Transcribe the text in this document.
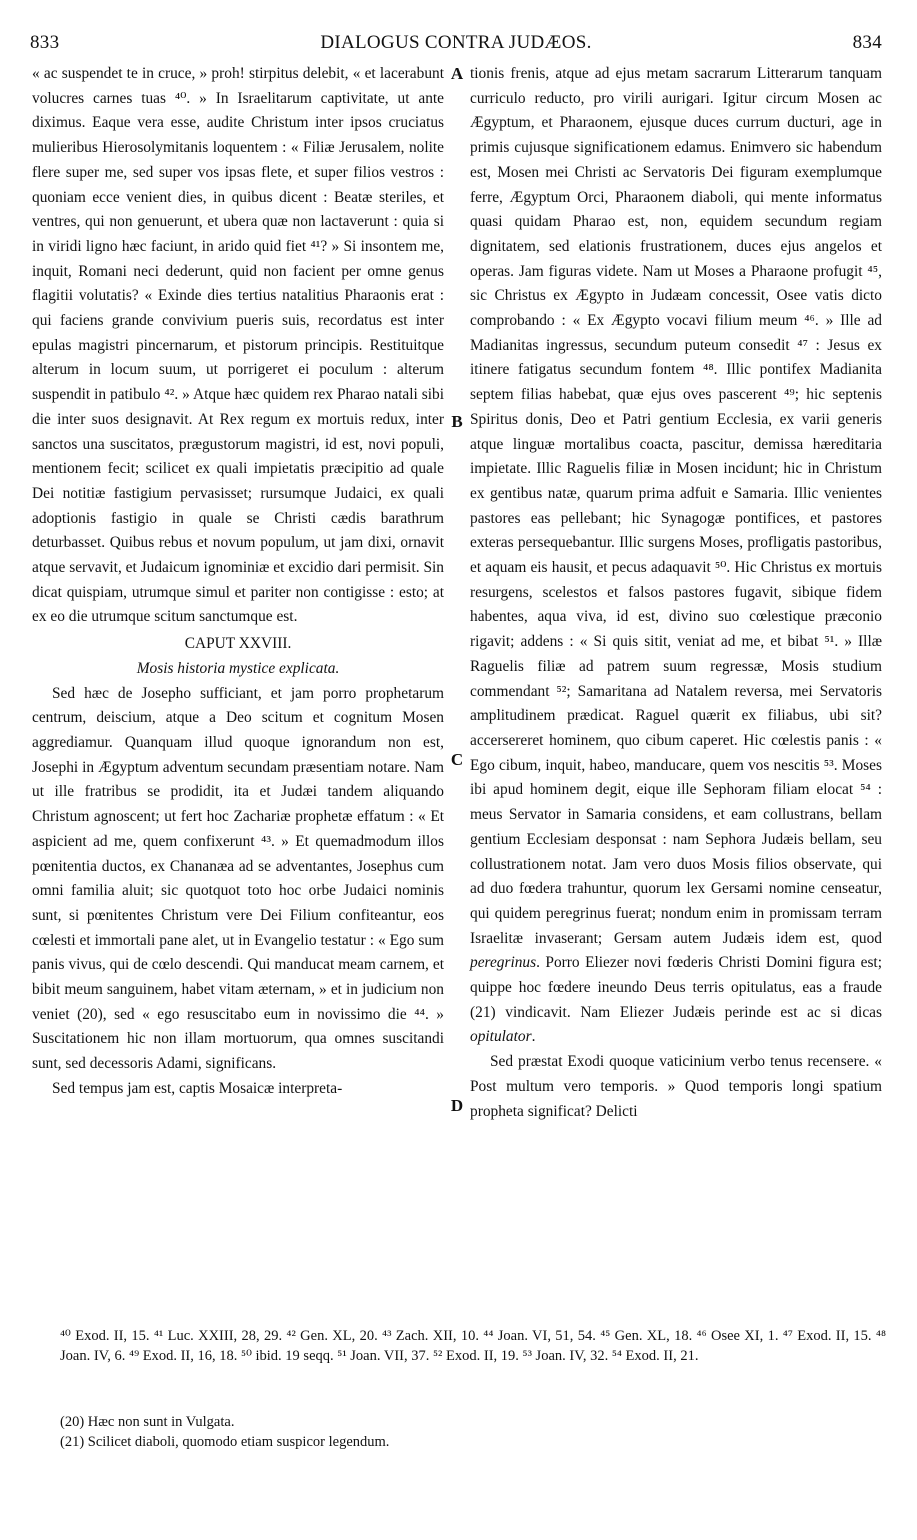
833	DIALOGUS CONTRA JUDÆOS.	834

« ac suspendet te in cruce, » proh! stirpitus delebit, « et lacerabunt volucres carnes tuas ⁴⁰. » In Israelitarum captivitate, ut ante diximus. Eaque vera esse, audite Christum inter ipsos cruciatus mulieribus Hierosolymitanis loquentem : « Filiæ Jerusalem, nolite flere super me, sed super vos ipsas flete, et super filios vestros : quoniam ecce venient dies, in quibus dicent : Beatæ steriles, et ventres, qui non genuerunt, et ubera quæ non lactaverunt : quia si in viridi ligno hæc faciunt, in arido quid fiet ⁴¹? » Si insontem me, inquit, Romani neci dederunt, quid non facient per omne genus flagitii volutatis? « Exinde dies tertius natalitius Pharaonis erat : qui faciens grande convivium pueris suis, recordatus est inter epulas magistri pincernarum, et pistorum principis. Restituitque alterum in locum suum, ut porrigeret ei poculum : alterum suspendit in patibulo ⁴². » Atque hæc quidem rex Pharao natali sibi die inter suos designavit. At Rex regum ex mortuis redux, inter sanctos una suscitatos, prægustorum magistri, id est, novi populi, mentionem fecit; scilicet ex quali impietatis præcipitio ad quale Dei notitiæ fastigium pervasisset; rursumque Judaici, ex quali adoptionis fastigio in quale se Christi cædis barathrum deturbasset. Quibus rebus et novum populum, ut jam dixi, ornavit atque servavit, et Judaicum ignominiæ et excidio dari permisit. Sin dicat quispiam, utrumque simul et pariter non contigisse : esto; at ex eo die utrumque scitum sanctumque est.

CAPUT XXVIII.
Mosis historia mystice explicata.

Sed hæc de Josepho sufficiant, et jam porro prophetarum centrum, deiscium, atque a Deo scitum et cognitum Mosen aggrediamur. Quanquam illud quoque ignorandum non est, Josephi in Ægyptum adventum secundam præsentiam notare. Nam ut ille fratribus se prodidit, ita et Judæi tandem aliquando Christum agnoscent; ut fert hoc Zachariæ prophetæ effatum : « Et aspicient ad me, quem confixerunt ⁴³. » Et quemadmodum illos pœnitentia ductos, ex Chananæa ad se adventantes, Josephus cum omni familia aluit; sic quotquot toto hoc orbe Judaici nominis sunt, si pœnitentes Christum vere Dei Filium confiteantur, eos cœlesti et immortali pane alet, ut in Evangelio testatur : « Ego sum panis vivus, qui de cœlo descendi. Qui manducat meam carnem, et bibit meum sanguinem, habet vitam æternam, » et in judicium non veniet (20), sed « ego resuscitabo eum in novissimo die ⁴⁴. » Suscitationem hic non illam mortuorum, qua omnes suscitandi sunt, sed decessoris Adami, significans.

Sed tempus jam est, captis Mosaicæ interpreta-

A
B
C
D

tionis frenis, atque ad ejus metam sacrarum Litterarum tanquam curriculo reducto, pro virili aurigari. Igitur circum Mosen ac Ægyptum, et Pharaonem, ejusque duces currum ducturi, age in primis cujusque significationem edamus. Enimvero sic habendum est, Mosen mei Christi ac Servatoris Dei figuram exemplumque ferre, Ægyptum Orci, Pharaonem diaboli, qui mente informatus quasi quidam Pharao est, non, equidem secundum regiam dignitatem, sed elationis frustrationem, duces ejus angelos et operas. Jam figuras videte. Nam ut Moses a Pharaone profugit ⁴⁵, sic Christus ex Ægypto in Judæam concessit, Osee vatis dicto comprobando : « Ex Ægypto vocavi filium meum ⁴⁶. » Ille ad Madianitas ingressus, secundum puteum consedit ⁴⁷ : Jesus ex itinere fatigatus secundum fontem ⁴⁸. Illic pontifex Madianita septem filias habebat, quæ ejus oves pascerent ⁴⁹; hic septenis Spiritus donis, Deo et Patri gentium Ecclesia, ex varii generis atque linguæ mortalibus coacta, pascitur, demissa hæreditaria impietate. Illic Raguelis filiæ in Mosen incidunt; hic in Christum ex gentibus natæ, quarum prima adfuit e Samaria. Illic venientes pastores eas pellebant; hic Synagogæ pontifices, et pastores exteras persequebantur. Illic surgens Moses, profligatis pastoribus, et aquam eis hausit, et pecus adaquavit ⁵⁰. Hic Christus ex mortuis resurgens, scelestos et falsos pastores fugavit, sibique fidem habentes, aqua viva, id est, divino suo cœlestique præconio rigavit; addens : « Si quis sitit, veniat ad me, et bibat ⁵¹. » Illæ Raguelis filiæ ad patrem suum regressæ, Mosis studium commendant ⁵²; Samaritana ad Natalem reversa, mei Servatoris amplitudinem prædicat. Raguel quærit ex filiabus, ubi sit? accersereret hominem, quo cibum caperet. Hic cœlestis panis : « Ego cibum, inquit, habeo, manducare, quem vos nescitis ⁵³. Moses ibi apud hominem degit, eique ille Sephoram filiam elocat ⁵⁴ : meus Servator in Samaria considens, et eam collustrans, bellam gentium Ecclesiam desponsat : nam Sephora Judæis bellam, seu collustrationem notat. Jam vero duos Mosis filios observate, qui ad duo fœdera trahuntur, quorum lex Gersami nomine censeatur, qui quidem peregrinus fuerat; nondum enim in promissam terram Israelitæ invaserant; Gersam autem Judæis idem est, quod peregrinus. Porro Eliezer novi fœderis Christi Domini figura est; quippe hoc fœdere ineundo Deus terris opitulatus, eas a fraude (21) vindicavit. Nam Eliezer Judæis perinde est ac si dicas opitulator.

Sed præstat Exodi quoque vaticinium verbo tenus recensere. « Post multum vero temporis. » Quod temporis longi spatium propheta significat? Delicti

⁴⁰ Exod. II, 15. ⁴¹ Luc. XXIII, 28, 29. ⁴² Gen. XL, 20. ⁴³ Zach. XII, 10. ⁴⁴ Joan. VI, 51, 54. ⁴⁵ Gen. XL, 18. ⁴⁶ Osee XI, 1. ⁴⁷ Exod. II, 15. ⁴⁸ Joan. IV, 6. ⁴⁹ Exod. II, 16, 18. ⁵⁰ ibid. 19 seqq. ⁵¹ Joan. VII, 37. ⁵² Exod. II, 19. ⁵³ Joan. IV, 32. ⁵⁴ Exod. II, 21.
(20) Hæc non sunt in Vulgata.
(21) Scilicet diaboli, quomodo etiam suspicor legendum.
